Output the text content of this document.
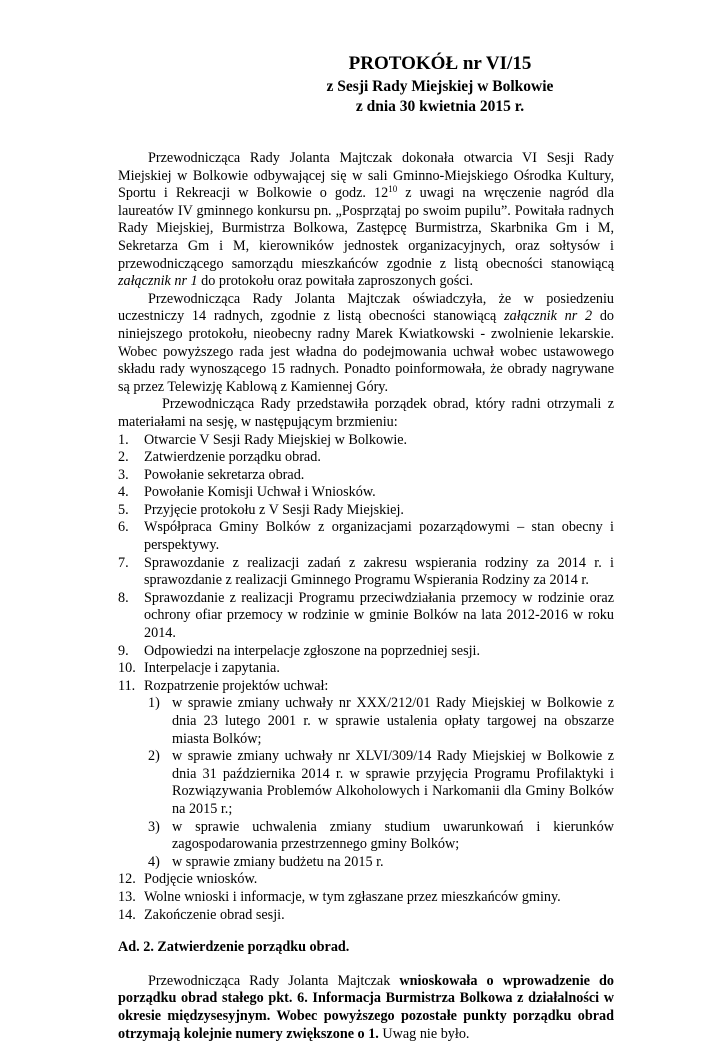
PROTOKÓŁ nr VI/15
z Sesji Rady Miejskiej w Bolkowie
z dnia 30 kwietnia 2015 r.

Przewodnicząca Rady Jolanta Majtczak dokonała otwarcia VI Sesji Rady Miejskiej w Bolkowie odbywającej się w sali Gminno-Miejskiego Ośrodka Kultury, Sportu i Rekreacji w Bolkowie o godz. $12^{10}$ z uwagi na wręczenie nagród dla laureatów IV gminnego konkursu pn. „Posprzątaj po swoim pupilu”. Powitała radnych Rady Miejskiej, Burmistrza Bolkowa, Zastępcę Burmistrza, Skarbnika Gm i M, Sekretarza Gm i M, kierowników jednostek organizacyjnych, oraz sołtysów i przewodniczącego samorządu mieszkańców zgodnie z listą obecności stanowiącą załącznik nr 1 do protokołu oraz powitała zaproszonych gości.

Przewodnicząca Rady Jolanta Majtczak oświadczyła, że w posiedzeniu uczestniczy 14 radnych, zgodnie z listą obecności stanowiącą załącznik nr 2 do niniejszego protokołu, nieobecny radny Marek Kwiatkowski - zwolnienie lekarskie. Wobec powyższego rada jest władna do podejmowania uchwał wobec ustawowego składu rady wynoszącego 15 radnych. Ponadto poinformowała, że obrady nagrywane są przez Telewizję Kablową z Kamiennej Góry.

Przewodnicząca Rady przedstawiła porządek obrad, który radni otrzymali z materiałami na sesję, w następującym brzmieniu:

1. Otwarcie V Sesji Rady Miejskiej w Bolkowie.
2. Zatwierdzenie porządku obrad.
3. Powołanie sekretarza obrad.
4. Powołanie Komisji Uchwał i Wniosków.
5. Przyjęcie protokołu z V Sesji Rady Miejskiej.
6. Współpraca Gminy Bolków z organizacjami pozarządowymi – stan obecny i perspektywy.
7. Sprawozdanie z realizacji zadań z zakresu wspierania rodziny za 2014 r. i sprawozdanie z realizacji Gminnego Programu Wspierania Rodziny za 2014 r.
8. Sprawozdanie z realizacji Programu przeciwdziałania przemocy w rodzinie oraz ochrony ofiar przemocy w rodzinie w gminie Bolków na lata 2012-2016 w roku 2014.
9. Odpowiedzi na interpelacje zgłoszone na poprzedniej sesji.
10. Interpelacje i zapytania.
11. Rozpatrzenie projektów uchwał:
1) w sprawie zmiany uchwały nr XXX/212/01 Rady Miejskiej w Bolkowie z dnia 23 lutego 2001 r. w sprawie ustalenia opłaty targowej na obszarze miasta Bolków;
2) w sprawie zmiany uchwały nr XLVI/309/14 Rady Miejskiej w Bolkowie z dnia 31 października 2014 r. w sprawie przyjęcia Programu Profilaktyki i Rozwiązywania Problemów Alkoholowych i Narkomanii dla Gminy Bolków na 2015 r.;
3) w sprawie uchwalenia zmiany studium uwarunkowań i kierunków zagospodarowania przestrzennego gminy Bolków;
4) w sprawie zmiany budżetu na 2015 r.
12. Podjęcie wniosków.
13. Wolne wnioski i informacje, w tym zgłaszane przez mieszkańców gminy.
14. Zakończenie obrad sesji.

Ad. 2. Zatwierdzenie porządku obrad.

Przewodnicząca Rady Jolanta Majtczak wnioskowała o wprowadzenie do porządku obrad stałego pkt. 6. Informacja Burmistrza Bolkowa z działalności w okresie międzysesyjnym. Wobec powyższego pozostałe punkty porządku obrad otrzymają kolejnie numery zwiększone o 1. Uwag nie było.
